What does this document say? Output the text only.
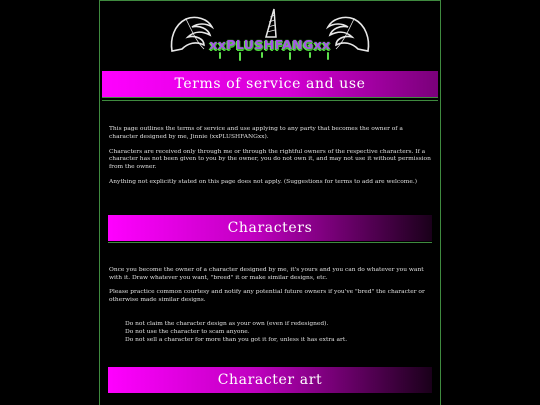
xxPLUSHFANGxx
Terms of service and use

This page outlines the terms of service and use applying to any party that becomes the owner of a character designed by me, Jinnie (xxPLUSHFANGxx).

Characters are received only through me or through the rightful owners of the respective characters. If a character has not been given to you by the owner, you do not own it, and may not use it without permission from the owner.

Anything not explicitly stated on this page does not apply. (Suggestions for terms to add are welcome.)

Characters

Once you become the owner of a character designed by me, it's yours and you can do whatever you want with it. Draw whatever you want, "breed" it or make similar designs, etc.

Please practice common courtesy and notify any potential future owners if you've "bred" the character or otherwise made similar designs.

Do not claim the character design as your own (even if redesigned).
Do not use the character to scam anyone.
Do not sell a character for more than you got it for, unless it has extra art.
Character art
